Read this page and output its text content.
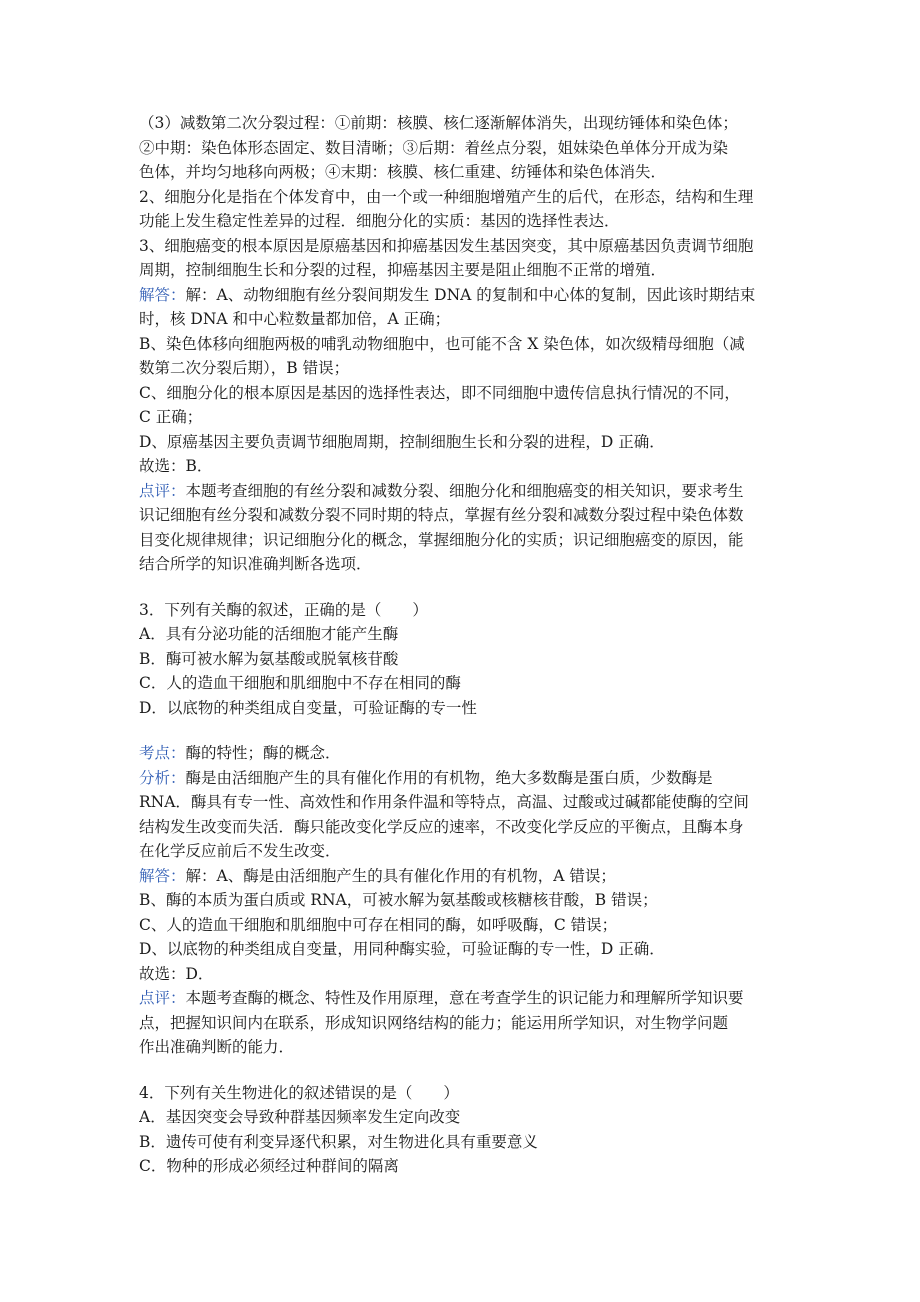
（3）减数第二次分裂过程：①前期：核膜、核仁逐渐解体消失，出现纺锤体和染色体；
②中期：染色体形态固定、数目清晰；③后期：着丝点分裂，姐妹染色单体分开成为染
色体，并均匀地移向两极；④末期：核膜、核仁重建、纺锤体和染色体消失．
2、细胞分化是指在个体发育中，由一个或一种细胞增殖产生的后代，在形态，结构和生理
功能上发生稳定性差异的过程．细胞分化的实质：基因的选择性表达．
3、细胞癌变的根本原因是原癌基因和抑癌基因发生基因突变，其中原癌基因负责调节细胞
周期，控制细胞生长和分裂的过程，抑癌基因主要是阻止细胞不正常的增殖．
解答：解：A、动物细胞有丝分裂间期发生 DNA 的复制和中心体的复制，因此该时期结束
时，核 DNA 和中心粒数量都加倍，A 正确；
B、染色体移向细胞两极的哺乳动物细胞中，也可能不含 X 染色体，如次级精母细胞（减
数第二次分裂后期），B 错误；
C、细胞分化的根本原因是基因的选择性表达，即不同细胞中遗传信息执行情况的不同，
C 正确；
D、原癌基因主要负责调节细胞周期，控制细胞生长和分裂的进程，D 正确．
故选：B．
点评：本题考查细胞的有丝分裂和减数分裂、细胞分化和细胞癌变的相关知识，要求考生
识记细胞有丝分裂和减数分裂不同时期的特点，掌握有丝分裂和减数分裂过程中染色体数
目变化规律规律；识记细胞分化的概念，掌握细胞分化的实质；识记细胞癌变的原因，能
结合所学的知识准确判断各选项．
3．下列有关酶的叙述，正确的是（　　）
A．具有分泌功能的活细胞才能产生酶
B．酶可被水解为氨基酸或脱氧核苷酸
C．人的造血干细胞和肌细胞中不存在相同的酶
D．以底物的种类组成自变量，可验证酶的专一性
考点：酶的特性；酶的概念．
分析：酶是由活细胞产生的具有催化作用的有机物，绝大多数酶是蛋白质，少数酶是
RNA．酶具有专一性、高效性和作用条件温和等特点，高温、过酸或过碱都能使酶的空间
结构发生改变而失活．酶只能改变化学反应的速率，不改变化学反应的平衡点，且酶本身
在化学反应前后不发生改变．
解答：解：A、酶是由活细胞产生的具有催化作用的有机物，A 错误；
B、酶的本质为蛋白质或 RNA，可被水解为氨基酸或核糖核苷酸，B 错误；
C、人的造血干细胞和肌细胞中可存在相同的酶，如呼吸酶，C 错误；
D、以底物的种类组成自变量，用同种酶实验，可验证酶的专一性，D 正确．
故选：D．
点评：本题考查酶的概念、特性及作用原理，意在考查学生的识记能力和理解所学知识要
点，把握知识间内在联系，形成知识网络结构的能力；能运用所学知识，对生物学问题
作出准确判断的能力．
4．下列有关生物进化的叙述错误的是（　　）
A．基因突变会导致种群基因频率发生定向改变
B．遗传可使有利变异逐代积累，对生物进化具有重要意义
C．物种的形成必须经过种群间的隔离
